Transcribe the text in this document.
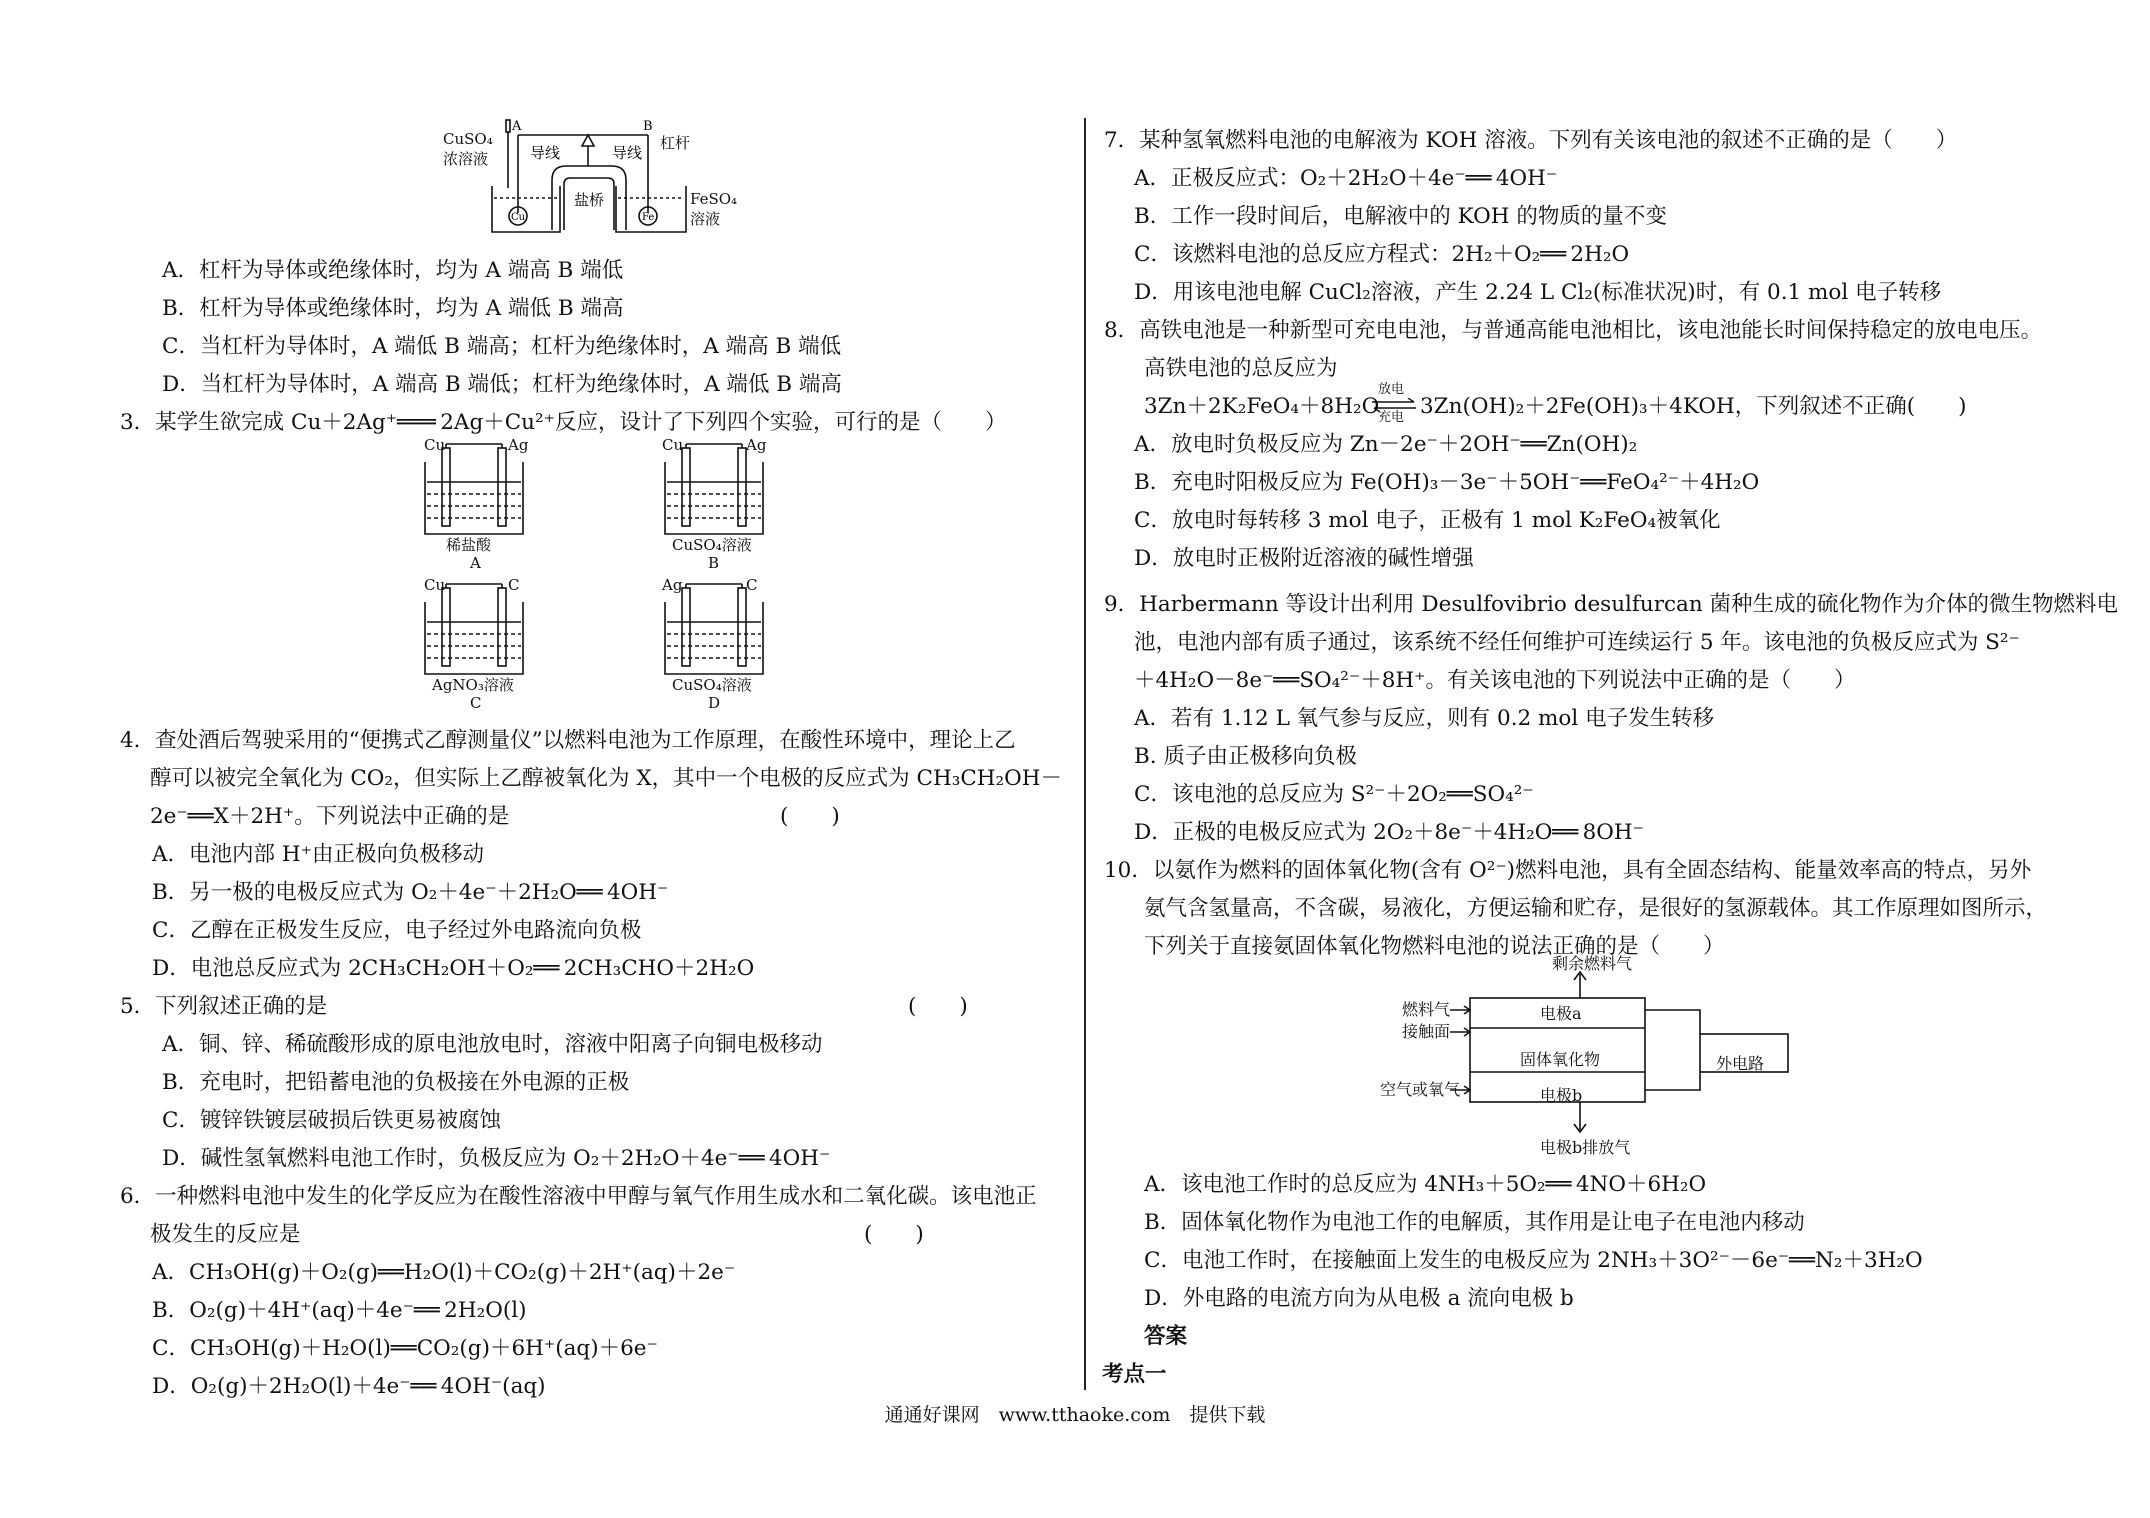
A	B
导线	导线
杠杆
盐桥
Cu	Fe
CuSO₄
浓溶液
FeSO₄
溶液
A．杠杆为导体或绝缘体时，均为 A 端高 B 端低
B．杠杆为导体或绝缘体时，均为 A 端低 B 端高
C．当杠杆为导体时，A 端低 B 端高；杠杆为绝缘体时，A 端高 B 端低
D．当杠杆为导体时，A 端高 B 端低；杠杆为绝缘体时，A 端低 B 端高
3．某学生欲完成 Cu＋2Ag⁺═══ 2Ag＋Cu²⁺反应，设计了下列四个实验，可行的是（　　）
Cu	Ag
稀盐酸
A
Cu	Ag
CuSO₄溶液
B
Cu	C
AgNO₃溶液
C
Ag	C
CuSO₄溶液
D
4．查处酒后驾驶采用的“便携式乙醇测量仪”以燃料电池为工作原理，在酸性环境中，理论上乙
醇可以被完全氧化为 CO₂，但实际上乙醇被氧化为 X，其中一个电极的反应式为 CH₃CH₂OH－
2e⁻══X＋2H⁺。下列说法中正确的是	(　　)
A．电池内部 H⁺由正极向负极移动
B．另一极的电极反应式为 O₂＋4e⁻＋2H₂O══ 4OH⁻
C．乙醇在正极发生反应，电子经过外电路流向负极
D．电池总反应式为 2CH₃CH₂OH＋O₂══ 2CH₃CHO＋2H₂O
5．下列叙述正确的是	(　　)
A．铜、锌、稀硫酸形成的原电池放电时，溶液中阳离子向铜电极移动
B．充电时，把铅蓄电池的负极接在外电源的正极
C．镀锌铁镀层破损后铁更易被腐蚀
D．碱性氢氧燃料电池工作时，负极反应为 O₂＋2H₂O＋4e⁻══ 4OH⁻
6．一种燃料电池中发生的化学反应为在酸性溶液中甲醇与氧气作用生成水和二氧化碳。该电池正
极发生的反应是	(　　)
A．CH₃OH(g)＋O₂(g)══H₂O(l)＋CO₂(g)＋2H⁺(aq)＋2e⁻
B．O₂(g)＋4H⁺(aq)＋4e⁻══ 2H₂O(l)
C．CH₃OH(g)＋H₂O(l)══CO₂(g)＋6H⁺(aq)＋6e⁻
D．O₂(g)＋2H₂O(l)＋4e⁻══ 4OH⁻(aq)
7．某种氢氧燃料电池的电解液为 KOH 溶液。下列有关该电池的叙述不正确的是（　　）
A．正极反应式：O₂＋2H₂O＋4e⁻══ 4OH⁻
B．工作一段时间后，电解液中的 KOH 的物质的量不变
C．该燃料电池的总反应方程式：2H₂＋O₂══ 2H₂O
D．用该电池电解 CuCl₂溶液，产生 2.24 L Cl₂(标准状况)时，有 0.1 mol 电子转移
8．高铁电池是一种新型可充电电池，与普通高能电池相比，该电池能长时间保持稳定的放电电压。
高铁电池的总反应为
3Zn＋2K₂FeO₄＋8H₂O
放电
充电 3Zn(OH)₂＋2Fe(OH)₃＋4KOH，下列叙述不正确(　　)
A．放电时负极反应为 Zn－2e⁻＋2OH⁻══Zn(OH)₂
B．充电时阳极反应为 Fe(OH)₃－3e⁻＋5OH⁻══FeO₄²⁻＋4H₂O
C．放电时每转移 3 mol 电子，正极有 1 mol K₂FeO₄被氧化
D．放电时正极附近溶液的碱性增强
9．Harbermann 等设计出利用 Desulfovibrio desulfurcan 菌种生成的硫化物作为介体的微生物燃料电
池，电池内部有质子通过，该系统不经任何维护可连续运行 5 年。该电池的负极反应式为 S²⁻
＋4H₂O－8e⁻══SO₄²⁻＋8H⁺。有关该电池的下列说法中正确的是（　　）
A．若有 1.12 L 氧气参与反应，则有 0.2 mol 电子发生转移
B. 质子由正极移向负极
C．该电池的总反应为 S²⁻＋2O₂══SO₄²⁻
D．正极的电极反应式为 2O₂＋8e⁻＋4H₂O══ 8OH⁻
10．以氨作为燃料的固体氧化物(含有 O²⁻)燃料电池，具有全固态结构、能量效率高的特点，另外
氨气含氢量高，不含碳，易液化，方便运输和贮存，是很好的氢源载体。其工作原理如图所示，
下列关于直接氨固体氧化物燃料电池的说法正确的是（　　）
剩余燃料气
燃料气
接触面
电极a
固体氧化物	外电路
空气或氧气	电极b
电极b排放气
A．该电池工作时的总反应为 4NH₃＋5O₂══ 4NO＋6H₂O
B．固体氧化物作为电池工作的电解质，其作用是让电子在电池内移动
C．电池工作时，在接触面上发生的电极反应为 2NH₃＋3O²⁻－6e⁻══N₂＋3H₂O
D．外电路的电流方向为从电极 a 流向电极 b
答案
考点一
通通好课网　www.tthaoke.com　提供下载
